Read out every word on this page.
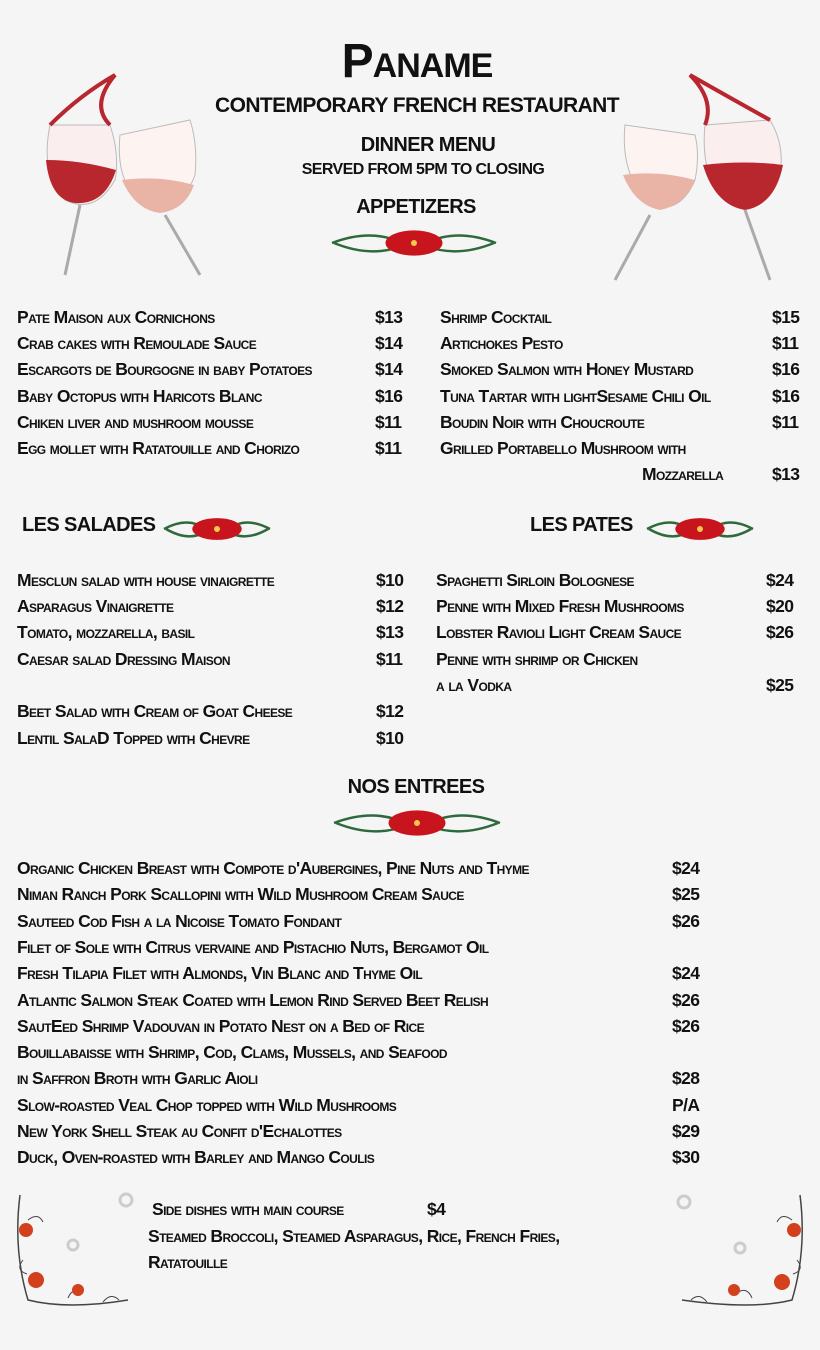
Paname
CONTEMPORARY FRENCH RESTAURANT
DINNER MENU
SERVED FROM 5PM TO CLOSING
APPETIZERS
Pate Maison aux Cornichons	$13
Crab cakes with Remoulade Sauce	$14
Escargots de Bourgogne in baby Potatoes	$14
Baby Octopus with Haricots Blanc	$16
Chiken liver and mushroom mousse	$11
Egg mollet with Ratatouille and Chorizo	$11
Shrimp Cocktail	$15
Artichokes Pesto	$11
Smoked Salmon with Honey Mustard	$16
Tuna Tartar with lightSesame Chili Oil	$16
Boudin Noir with Choucroute	$11
Grilled Portabello Mushroom with
Mozzarella	$13
LES SALADES	LES PATES
Mesclun salad with house vinaigrette	$10
Asparagus Vinaigrette	$12
Tomato, mozzarella, basil	$13
Caesar salad Dressing Maison	$11
Beet Salad with Cream of Goat Cheese	$12
Lentil SalaD Topped with Chevre	$10
Spaghetti Sirloin Bolognese	$24
Penne with Mixed Fresh Mushrooms	$20
Lobster Ravioli Light Cream Sauce	$26
Penne with shrimp or Chicken
a la Vodka	$25
NOS ENTREES
Organic Chicken Breast with Compote d'Aubergines, Pine Nuts and Thyme	$24
Niman Ranch Pork Scallopini with Wild Mushroom Cream Sauce	$25
Sauteed Cod Fish a la Nicoise Tomato Fondant	$26
Filet of Sole with Citrus vervaine and Pistachio Nuts, Bergamot Oil
Fresh Tilapia Filet with Almonds, Vin Blanc and Thyme Oil	$24
Atlantic Salmon Steak Coated with Lemon Rind Served Beet Relish	$26
SautEed Shrimp Vadouvan in Potato Nest on a Bed of Rice	$26
Bouillabaisse with Shrimp, Cod, Clams, Mussels, and Seafood
in Saffron Broth with Garlic Aioli	$28
Slow-roasted Veal Chop topped with Wild Mushrooms	P/A
New York Shell Steak au Confit d'Echalottes	$29
Duck, Oven-roasted with Barley and Mango Coulis	$30
Side dishes with main course	$4
Steamed Broccoli, Steamed Asparagus, Rice, French Fries,
Ratatouille
